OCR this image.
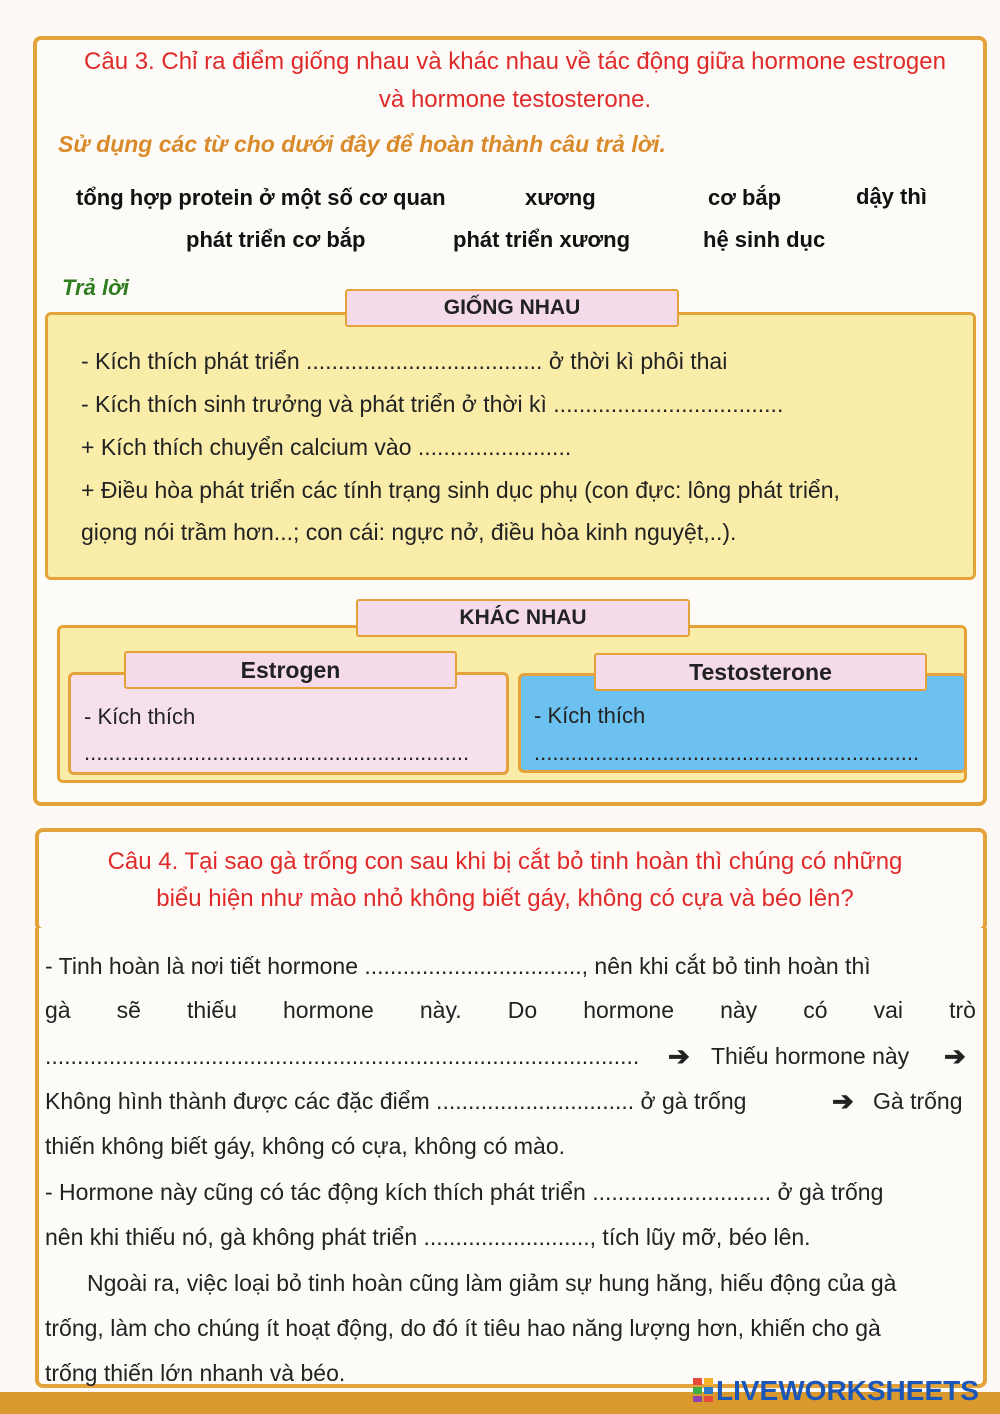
Câu 3. Chỉ ra điểm giống nhau và khác nhau về tác động giữa hormone estrogen
và hormone testosterone.
Sử dụng các từ cho dưới đây để hoàn thành câu trả lời.
tổng hợp protein ở một số cơ quan	xương	cơ bắp	dậy thì
phát triển cơ bắp	phát triển xương	hệ sinh dục
Trả lời
GIỐNG NHAU
- Kích thích phát triển ..................................... ở thời kì phôi thai
- Kích thích sinh trưởng và phát triển ở thời kì ....................................
+ Kích thích chuyển calcium vào ........................
+ Điều hòa phát triển các tính trạng sinh dục phụ (con đực: lông phát triển,
giọng nói trầm hơn...; con cái: ngực nở, điều hòa kinh nguyệt,..).
KHÁC NHAU
Estrogen
- Kích thích
...............................................................
Testosterone
- Kích thích
...............................................................
Câu 4. Tại sao gà trống con sau khi bị cắt bỏ tinh hoàn thì chúng có những
biểu hiện như mào nhỏ không biết gáy, không có cựa và béo lên?
- Tinh hoàn là nơi tiết hormone .................................., nên khi cắt bỏ tinh hoàn thì
gà sẽ thiếu hormone này. Do hormone này có vai trò
............................................................................................. ➔ Thiếu hormone này ➔
Không hình thành được các đặc điểm ............................... ở gà trống	➔ Gà trống
thiến không biết gáy, không có cựa, không có mào.
- Hormone này cũng có tác động kích thích phát triển ............................ ở gà trống
nên khi thiếu nó, gà không phát triển .........................., tích lũy mỡ, béo lên.
Ngoài ra, việc loại bỏ tinh hoàn cũng làm giảm sự hung hăng, hiếu động của gà
trống, làm cho chúng ít hoạt động, do đó ít tiêu hao năng lượng hơn, khiến cho gà
trống thiến lớn nhanh và béo.
LIVEWORKSHEETS
